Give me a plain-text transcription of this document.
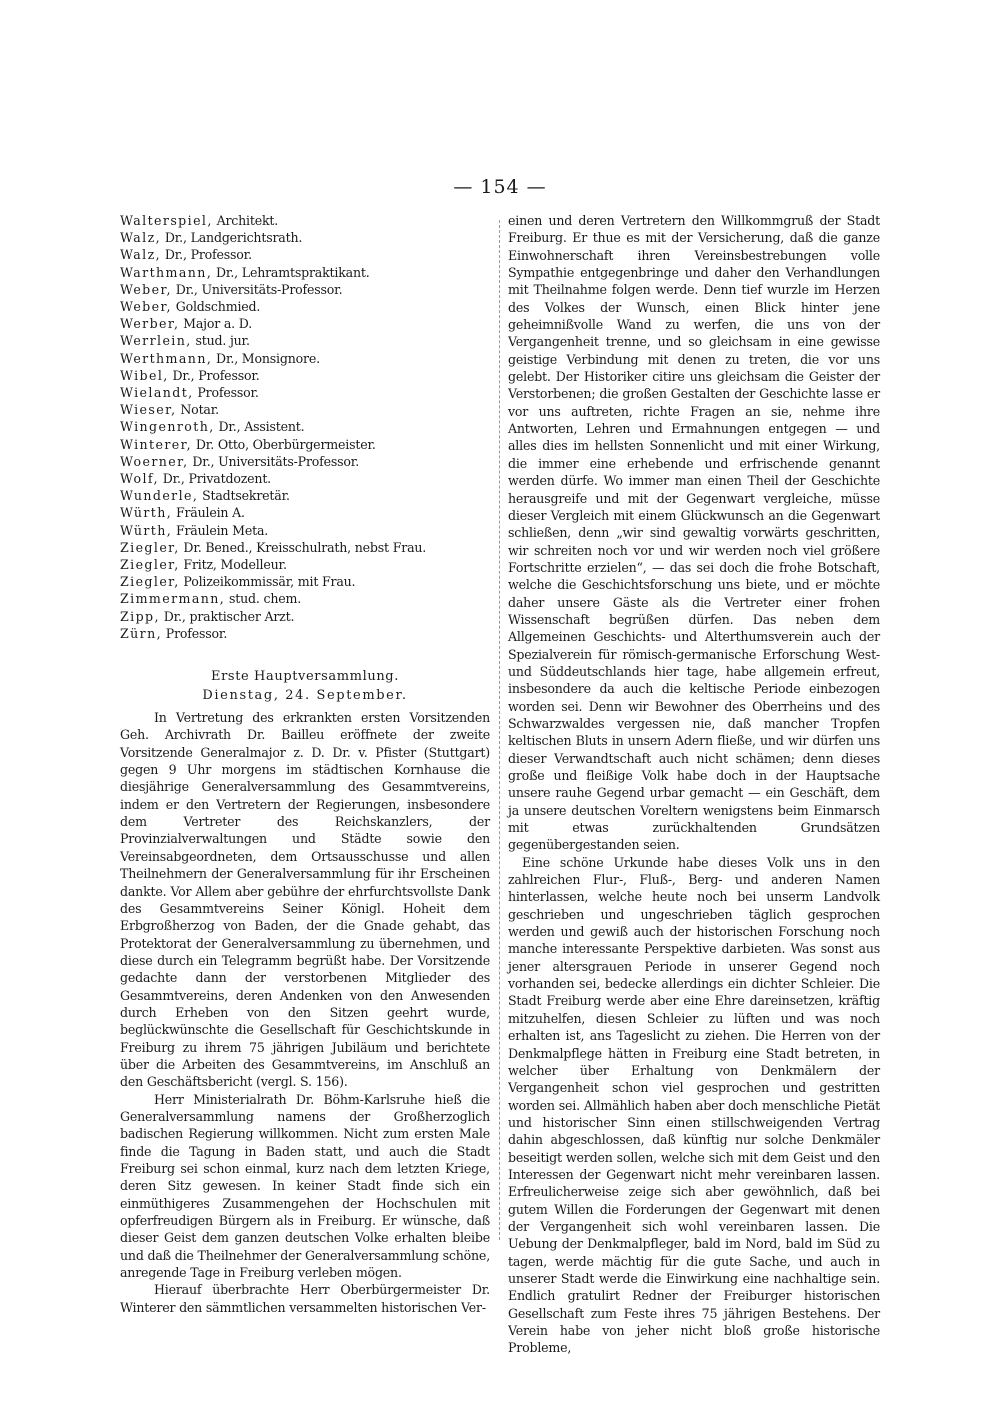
— 154 —
Walterspiel, Architekt.
Walz, Dr., Landgerichtsrath.
Walz, Dr., Professor.
Warthmann, Dr., Lehramtspraktikant.
Weber, Dr., Universitäts-Professor.
Weber, Goldschmied.
Werber, Major a. D.
Werrlein, stud. jur.
Werthmann, Dr., Monsignore.
Wibel, Dr., Professor.
Wielandt, Professor.
Wieser, Notar.
Wingenroth, Dr., Assistent.
Winterer, Dr. Otto, Oberbürgermeister.
Woerner, Dr., Universitäts-Professor.
Wolf, Dr., Privatdozent.
Wunderle, Stadtsekretär.
Würth, Fräulein A.
Würth, Fräulein Meta.
Ziegler, Dr. Bened., Kreisschulrath, nebst Frau.
Ziegler, Fritz, Modelleur.
Ziegler, Polizeikommissär, mit Frau.
Zimmermann, stud. chem.
Zipp, Dr., praktischer Arzt.
Zürn, Professor.
Erste Hauptversammlung.
Dienstag, 24. September.

In Vertretung des erkrankten ersten Vorsitzenden Geh. Archivrath Dr. Bailleu eröffnete der zweite Vorsitzende Generalmajor z. D. Dr. v. Pfister (Stuttgart) gegen 9 Uhr morgens im städtischen Kornhause die diesjährige Generalversammlung des Gesammtvereins, indem er den Vertretern der Regierungen, insbesondere dem Vertreter des Reichskanzlers, der Provinzialverwaltungen und Städte sowie den Vereinsabgeordneten, dem Ortsausschusse und allen Theilnehmern der Generalversammlung für ihr Erscheinen dankte. Vor Allem aber gebühre der ehrfurchtsvollste Dank des Gesammtvereins Seiner Königl. Hoheit dem Erbgroßherzog von Baden, der die Gnade gehabt, das Protektorat der Generalversammlung zu übernehmen, und diese durch ein Telegramm begrüßt habe. Der Vorsitzende gedachte dann der verstorbenen Mitglieder des Gesammtvereins, deren Andenken von den Anwesenden durch Erheben von den Sitzen geehrt wurde, beglückwünschte die Gesellschaft für Geschichtskunde in Freiburg zu ihrem 75 jährigen Jubiläum und berichtete über die Arbeiten des Gesammtvereins, im Anschluß an den Geschäftsbericht (vergl. S. 156).

Herr Ministerialrath Dr. Böhm-Karlsruhe hieß die Generalversammlung namens der Großherzoglich badischen Regierung willkommen. Nicht zum ersten Male finde die Tagung in Baden statt, und auch die Stadt Freiburg sei schon einmal, kurz nach dem letzten Kriege, deren Sitz gewesen. In keiner Stadt finde sich ein einmüthigeres Zusammengehen der Hochschulen mit opferfreudigen Bürgern als in Freiburg. Er wünsche, daß dieser Geist dem ganzen deutschen Volke erhalten bleibe und daß die Theilnehmer der Generalversammlung schöne, anregende Tage in Freiburg verleben mögen.

Hierauf überbrachte Herr Oberbürgermeister Dr. Winterer den sämmtlichen versammelten historischen Ver-

einen und deren Vertretern den Willkommgruß der Stadt Freiburg. Er thue es mit der Versicherung, daß die ganze Einwohnerschaft ihren Vereinsbestrebungen volle Sympathie entgegenbringe und daher den Verhandlungen mit Theilnahme folgen werde. Denn tief wurzle im Herzen des Volkes der Wunsch, einen Blick hinter jene geheimnißvolle Wand zu werfen, die uns von der Vergangenheit trenne, und so gleichsam in eine gewisse geistige Verbindung mit denen zu treten, die vor uns gelebt. Der Historiker citire uns gleichsam die Geister der Verstorbenen; die großen Gestalten der Geschichte lasse er vor uns auftreten, richte Fragen an sie, nehme ihre Antworten, Lehren und Ermahnungen entgegen — und alles dies im hellsten Sonnenlicht und mit einer Wirkung, die immer eine erhebende und erfrischende genannt werden dürfe. Wo immer man einen Theil der Geschichte herausgreife und mit der Gegenwart vergleiche, müsse dieser Vergleich mit einem Glückwunsch an die Gegenwart schließen, denn „wir sind gewaltig vorwärts geschritten, wir schreiten noch vor und wir werden noch viel größere Fortschritte erzielen“, — das sei doch die frohe Botschaft, welche die Geschichtsforschung uns biete, und er möchte daher unsere Gäste als die Vertreter einer frohen Wissenschaft begrüßen dürfen. Das neben dem Allgemeinen Geschichts- und Alterthumsverein auch der Spezialverein für römisch-germanische Erforschung West- und Süddeutschlands hier tage, habe allgemein erfreut, insbesondere da auch die keltische Periode einbezogen worden sei. Denn wir Bewohner des Oberrheins und des Schwarzwaldes vergessen nie, daß mancher Tropfen keltischen Bluts in unsern Adern fließe, und wir dürfen uns dieser Verwandtschaft auch nicht schämen; denn dieses große und fleißige Volk habe doch in der Hauptsache unsere rauhe Gegend urbar gemacht — ein Geschäft, dem ja unsere deutschen Voreltern wenigstens beim Einmarsch mit etwas zurückhaltenden Grundsätzen gegenübergestanden seien.

Eine schöne Urkunde habe dieses Volk uns in den zahlreichen Flur-, Fluß-, Berg- und anderen Namen hinterlassen, welche heute noch bei unserm Landvolk geschrieben und ungeschrieben täglich gesprochen werden und gewiß auch der historischen Forschung noch manche interessante Perspektive darbieten. Was sonst aus jener altersgrauen Periode in unserer Gegend noch vorhanden sei, bedecke allerdings ein dichter Schleier. Die Stadt Freiburg werde aber eine Ehre dareinsetzen, kräftig mitzuhelfen, diesen Schleier zu lüften und was noch erhalten ist, ans Tageslicht zu ziehen. Die Herren von der Denkmalpflege hätten in Freiburg eine Stadt betreten, in welcher über Erhaltung von Denkmälern der Vergangenheit schon viel gesprochen und gestritten worden sei. Allmählich haben aber doch menschliche Pietät und historischer Sinn einen stillschweigenden Vertrag dahin abgeschlossen, daß künftig nur solche Denkmäler beseitigt werden sollen, welche sich mit dem Geist und den Interessen der Gegenwart nicht mehr vereinbaren lassen. Erfreulicherweise zeige sich aber gewöhnlich, daß bei gutem Willen die Forderungen der Gegenwart mit denen der Vergangenheit sich wohl vereinbaren lassen. Die Uebung der Denkmalpfleger, bald im Nord, bald im Süd zu tagen, werde mächtig für die gute Sache, und auch in unserer Stadt werde die Einwirkung eine nachhaltige sein. Endlich gratulirt Redner der Freiburger historischen Gesellschaft zum Feste ihres 75 jährigen Bestehens. Der Verein habe von jeher nicht bloß große historische Probleme,
